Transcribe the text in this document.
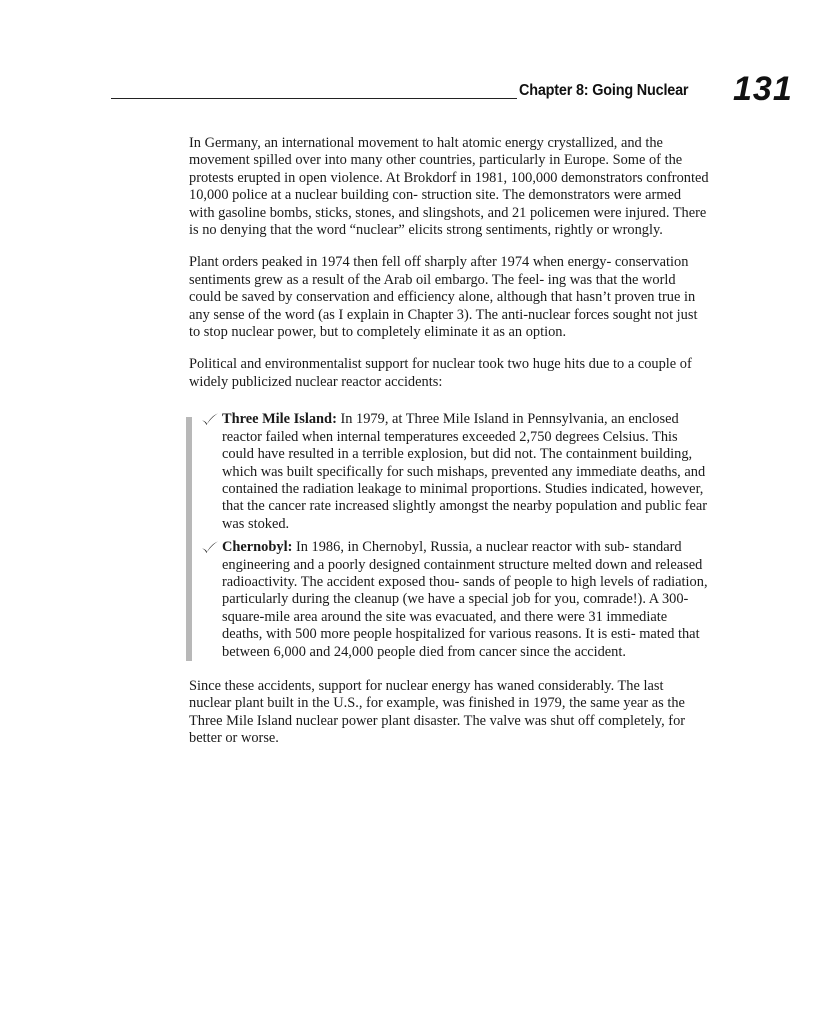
Chapter 8: Going Nuclear 131

In Germany, an international movement to halt atomic energy crystallized, and the movement spilled over into many other countries, particularly in Europe. Some of the protests erupted in open violence. At Brokdorf in 1981, 100,000 demonstrators confronted 10,000 police at a nuclear building con- struction site. The demonstrators were armed with gasoline bombs, sticks, stones, and slingshots, and 21 policemen were injured. There is no denying that the word “nuclear” elicits strong sentiments, rightly or wrongly.

Plant orders peaked in 1974 then fell off sharply after 1974 when energy- conservation sentiments grew as a result of the Arab oil embargo. The feel- ing was that the world could be saved by conservation and efficiency alone, although that hasn’t proven true in any sense of the word (as I explain in Chapter 3). The anti-nuclear forces sought not just to stop nuclear power, but to completely eliminate it as an option.

Political and environmentalist support for nuclear took two huge hits due to a couple of widely publicized nuclear reactor accidents:

Three Mile Island: In 1979, at Three Mile Island in Pennsylvania, an enclosed reactor failed when internal temperatures exceeded 2,750 degrees Celsius. This could have resulted in a terrible explosion, but did not. The containment building, which was built specifically for such mishaps, prevented any immediate deaths, and contained the radiation leakage to minimal proportions. Studies indicated, however, that the cancer rate increased slightly amongst the nearby population and public fear was stoked.
Chernobyl: In 1986, in Chernobyl, Russia, a nuclear reactor with sub- standard engineering and a poorly designed containment structure melted down and released radioactivity. The accident exposed thou- sands of people to high levels of radiation, particularly during the cleanup (we have a special job for you, comrade!). A 300-square-mile area around the site was evacuated, and there were 31 immediate deaths, with 500 more people hospitalized for various reasons. It is esti- mated that between 6,000 and 24,000 people died from cancer since the accident.

Since these accidents, support for nuclear energy has waned considerably. The last nuclear plant built in the U.S., for example, was finished in 1979, the same year as the Three Mile Island nuclear power plant disaster. The valve was shut off completely, for better or worse.
